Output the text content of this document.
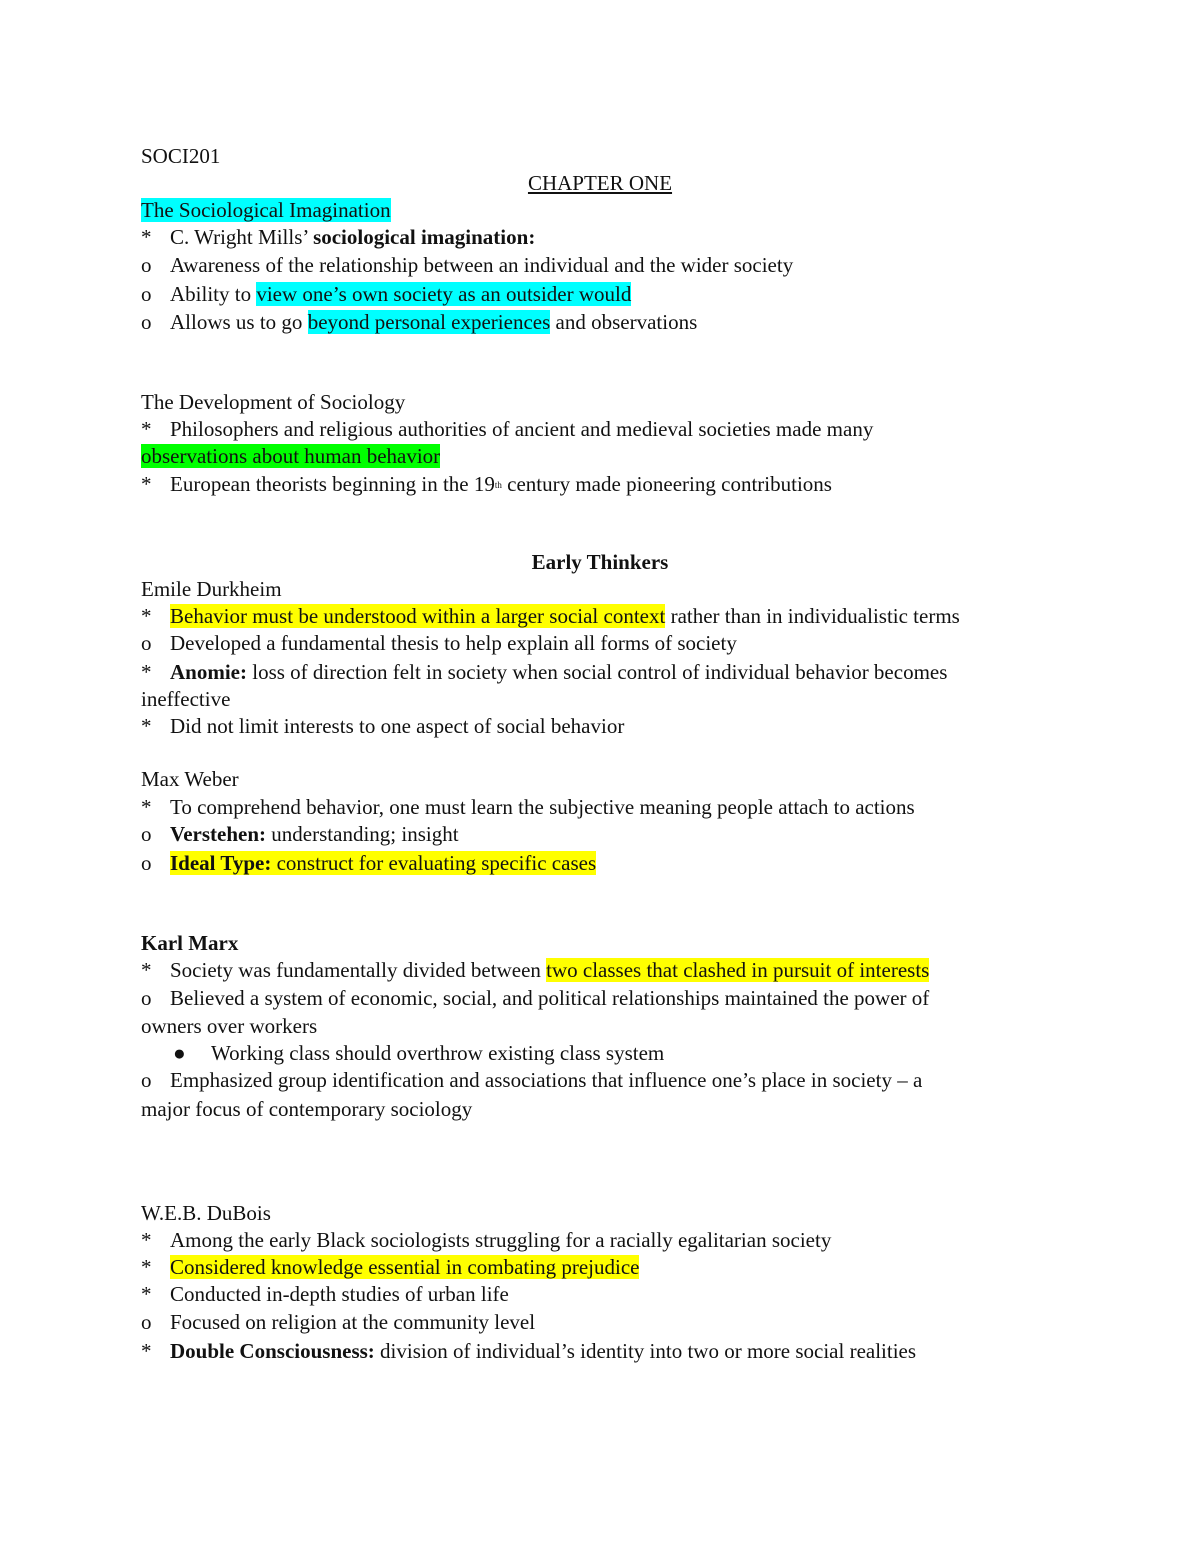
SOCI201
CHAPTER ONE
The Sociological Imagination
* C. Wright Mills’ sociological imagination:
o Awareness of the relationship between an individual and the wider society
o Ability to view one’s own society as an outsider would
o Allows us to go beyond personal experiences and observations
The Development of Sociology
* Philosophers and religious authorities of ancient and medieval societies made many
observations about human behavior
* European theorists beginning in the 19th century made pioneering contributions
Early Thinkers
Emile Durkheim
* Behavior must be understood within a larger social context rather than in individualistic terms
o Developed a fundamental thesis to help explain all forms of society
* Anomie: loss of direction felt in society when social control of individual behavior becomes
ineffective
* Did not limit interests to one aspect of social behavior
Max Weber
* To comprehend behavior, one must learn the subjective meaning people attach to actions
o Verstehen: understanding; insight
o Ideal Type: construct for evaluating specific cases
Karl Marx
* Society was fundamentally divided between two classes that clashed in pursuit of interests
o Believed a system of economic, social, and political relationships maintained the power of
owners over workers
● Working class should overthrow existing class system
o Emphasized group identification and associations that influence one’s place in society – a
major focus of contemporary sociology
W.E.B. DuBois
* Among the early Black sociologists struggling for a racially egalitarian society
* Considered knowledge essential in combating prejudice
* Conducted in-depth studies of urban life
o Focused on religion at the community level
* Double Consciousness: division of individual’s identity into two or more social realities
